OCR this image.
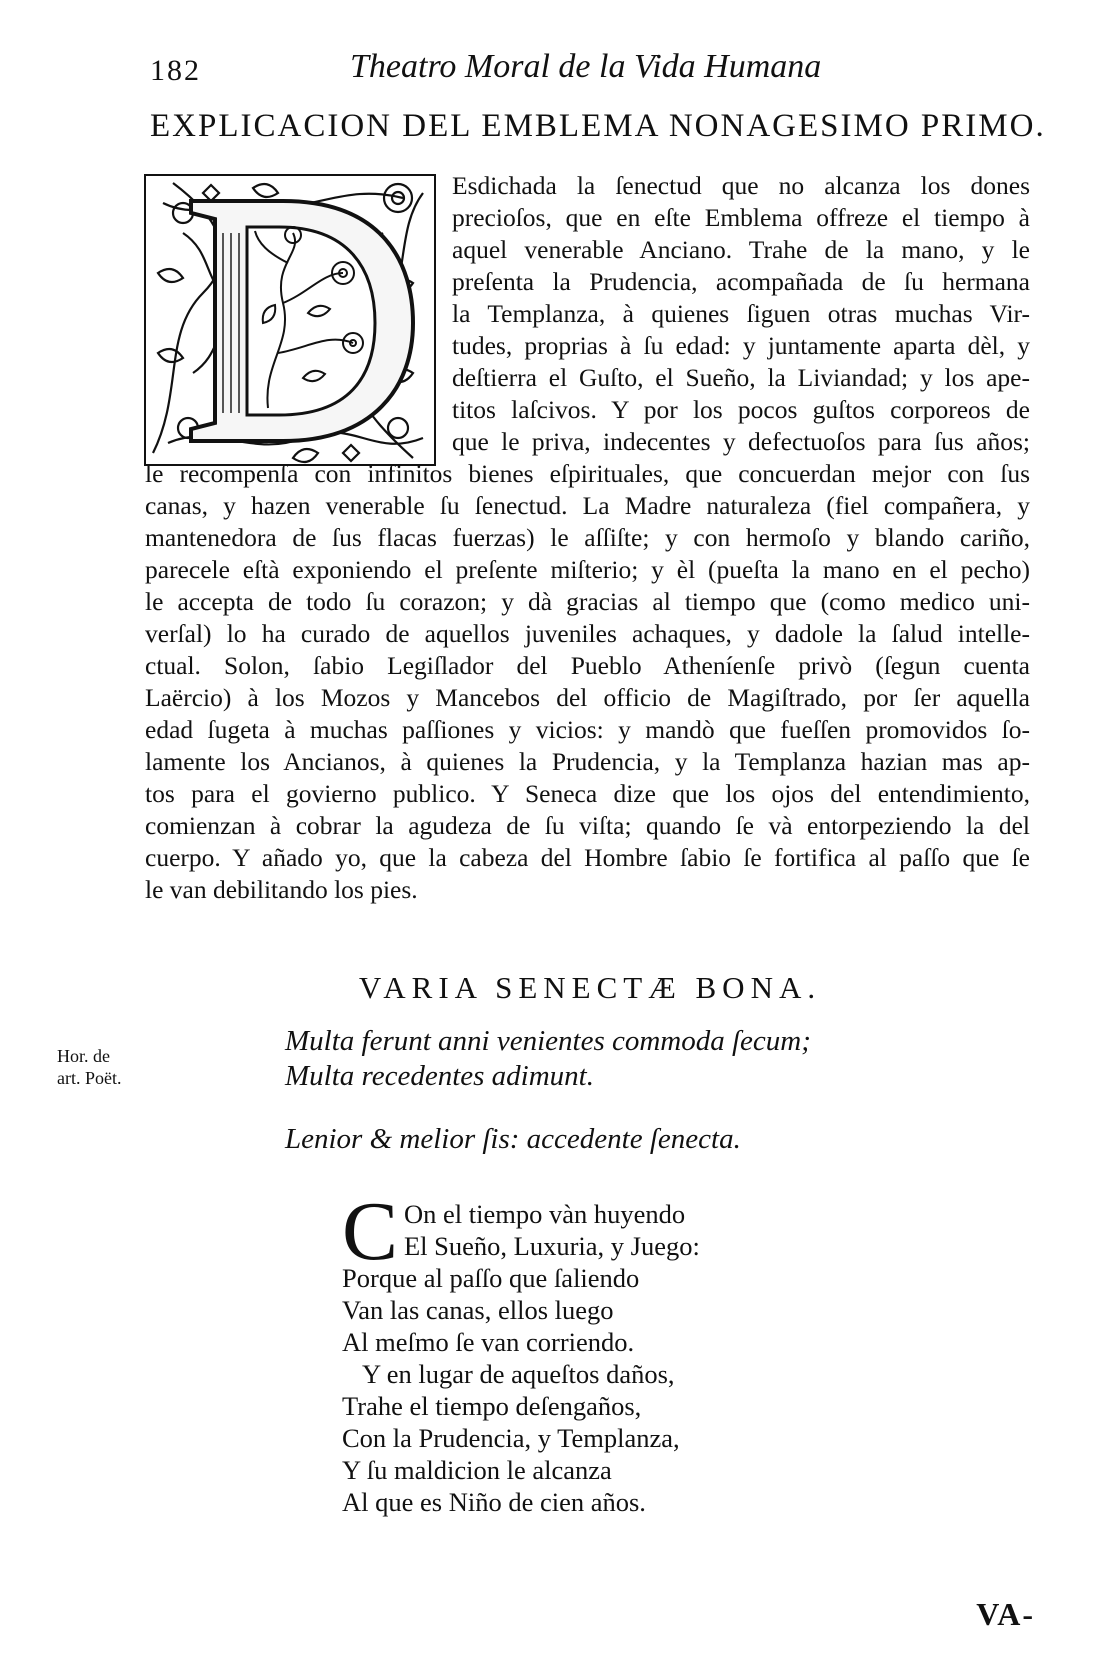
182	Theatro Moral de la Vida Humana
EXPLICACION DEL EMBLEMA NONAGESIMO PRIMO.
Esdichada la ſenectud que no alcanza los dones
precioſos, que en eſte Emblema offreze el tiempo à
aquel venerable Anciano. Trahe de la mano, y le
preſenta la Prudencia, acompañada de ſu hermana
la Templanza, à quienes ſiguen otras muchas Vir-
tudes, proprias à ſu edad: y juntamente aparta dèl, y
deſtierra el Guſto, el Sueño, la Liviandad; y los ape-
titos laſcivos. Y por los pocos guſtos corporeos de
que le priva, indecentes y defectuoſos para ſus años;
le recompenſa con infinitos bienes eſpirituales, que concuerdan mejor con ſus
canas, y hazen venerable ſu ſenectud. La Madre naturaleza (fiel compañera, y
mantenedora de ſus flacas fuerzas) le aſſiſte; y con hermoſo y blando cariño,
parecele eſtà exponiendo el preſente miſterio; y èl (pueſta la mano en el pecho)
le accepta de todo ſu corazon; y dà gracias al tiempo que (como medico uni-
verſal) lo ha curado de aquellos juveniles achaques, y dadole la ſalud intelle-
ctual. Solon, ſabio Legiſlador del Pueblo Atheníenſe privò (ſegun cuenta
Laërcio) à los Mozos y Mancebos del officio de Magiſtrado, por ſer aquella
edad ſugeta à muchas paſſiones y vicios: y mandò que fueſſen promovidos ſo-
lamente los Ancianos, à quienes la Prudencia, y la Templanza hazian mas ap-
tos para el govierno publico. Y Seneca dize que los ojos del entendimiento,
comienzan à cobrar la agudeza de ſu viſta; quando ſe và entorpeziendo la del
cuerpo. Y añado yo, que la cabeza del Hombre ſabio ſe fortifica al paſſo que ſe
le van debilitando los pies.
VARIA SENECTÆ BONA.
Hor. de
art. Poët.
Multa ferunt anni venientes commoda ſecum;
Multa recedentes adimunt.
Lenior & melior ſis: accedente ſenecta.
C On el tiempo vàn huyendo
El Sueño, Luxuria, y Juego:
Porque al paſſo que ſaliendo
Van las canas, ellos luego
Al meſmo ſe van corriendo.
Y en lugar de aqueſtos daños,
Trahe el tiempo deſengaños,
Con la Prudencia, y Templanza,
Y ſu maldicion le alcanza
Al que es Niño de cien años.
VA-
